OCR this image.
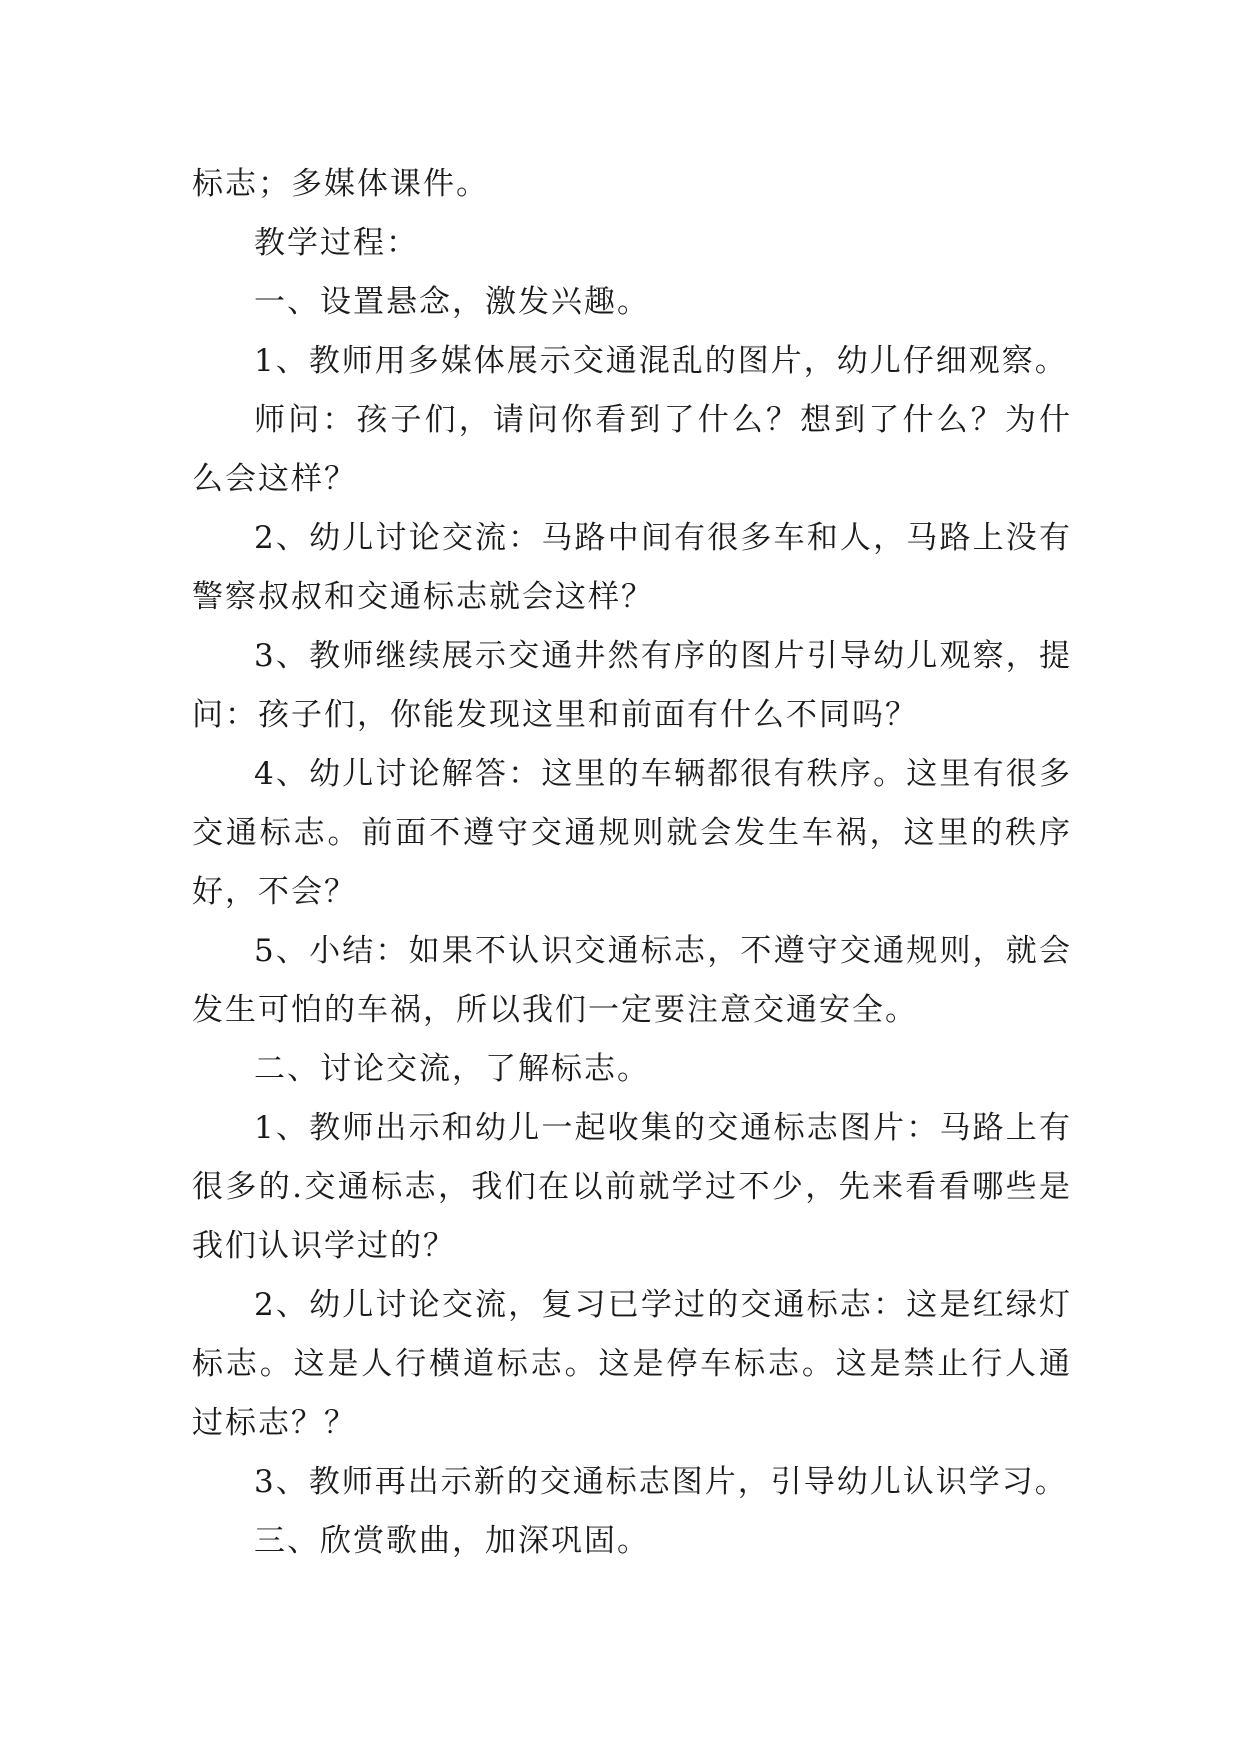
标志；多媒体课件。

教学过程：

一、设置悬念，激发兴趣。

1、教师用多媒体展示交通混乱的图片，幼儿仔细观察。

师问：孩子们，请问你看到了什么？想到了什么？为什么会这样？

2、幼儿讨论交流：马路中间有很多车和人，马路上没有警察叔叔和交通标志就会这样？

3、教师继续展示交通井然有序的图片引导幼儿观察，提问：孩子们，你能发现这里和前面有什么不同吗？

4、幼儿讨论解答：这里的车辆都很有秩序。这里有很多交通标志。前面不遵守交通规则就会发生车祸，这里的秩序好，不会？

5、小结：如果不认识交通标志，不遵守交通规则，就会发生可怕的车祸，所以我们一定要注意交通安全。

二、讨论交流，了解标志。

1、教师出示和幼儿一起收集的交通标志图片：马路上有很多的.交通标志，我们在以前就学过不少，先来看看哪些是我们认识学过的？

2、幼儿讨论交流，复习已学过的交通标志：这是红绿灯标志。这是人行横道标志。这是停车标志。这是禁止行人通过标志？？

3、教师再出示新的交通标志图片，引导幼儿认识学习。

三、欣赏歌曲，加深巩固。
